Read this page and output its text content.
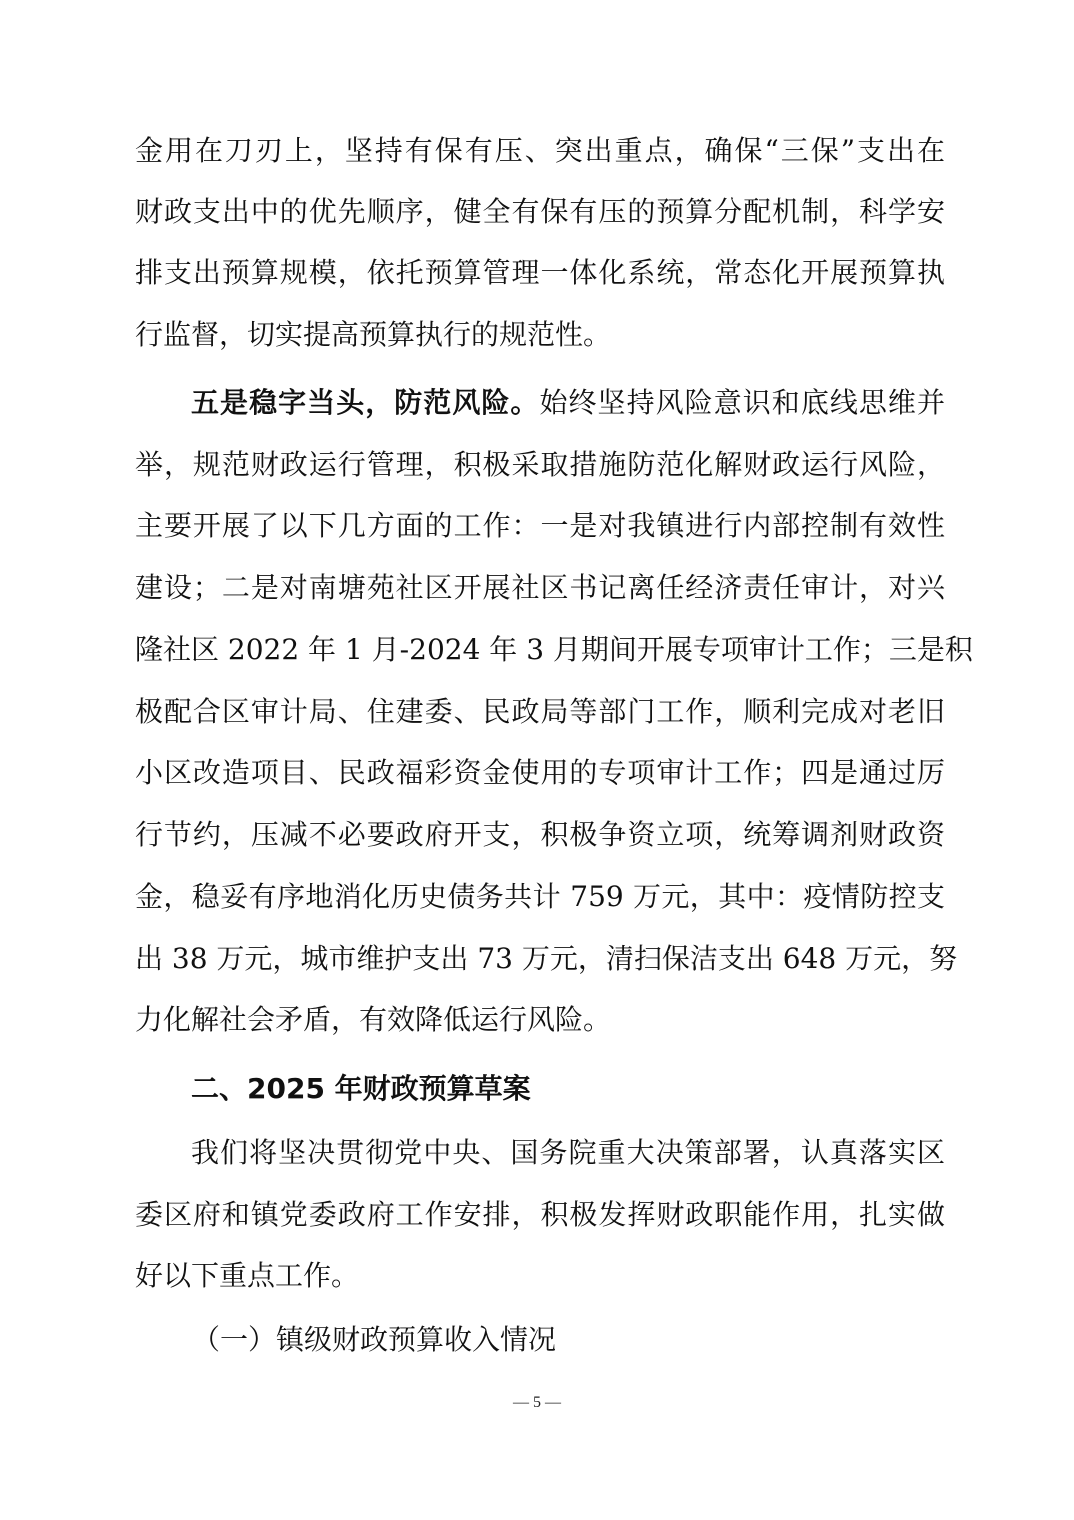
金用在刀刃上，坚持有保有压、突出重点，确保“三保”支出在
财政支出中的优先顺序，健全有保有压的预算分配机制，科学安
排支出预算规模，依托预算管理一体化系统，常态化开展预算执
行监督，切实提高预算执行的规范性。
五是稳字当头，防范风险。始终坚持风险意识和底线思维并
举，规范财政运行管理，积极采取措施防范化解财政运行风险，
主要开展了以下几方面的工作：一是对我镇进行内部控制有效性
建设；二是对南塘苑社区开展社区书记离任经济责任审计，对兴
隆社区 2022 年 1 月-2024 年 3 月期间开展专项审计工作；三是积
极配合区审计局、住建委、民政局等部门工作，顺利完成对老旧
小区改造项目、民政福彩资金使用的专项审计工作；四是通过厉
行节约，压减不必要政府开支，积极争资立项，统筹调剂财政资
金，稳妥有序地消化历史债务共计 759 万元，其中：疫情防控支
出 38 万元，城市维护支出 73 万元，清扫保洁支出 648 万元，努
力化解社会矛盾，有效降低运行风险。
二、2025 年财政预算草案
我们将坚决贯彻党中央、国务院重大决策部署，认真落实区
委区府和镇党委政府工作安排，积极发挥财政职能作用，扎实做
好以下重点工作。
（一）镇级财政预算收入情况
— 5 —
